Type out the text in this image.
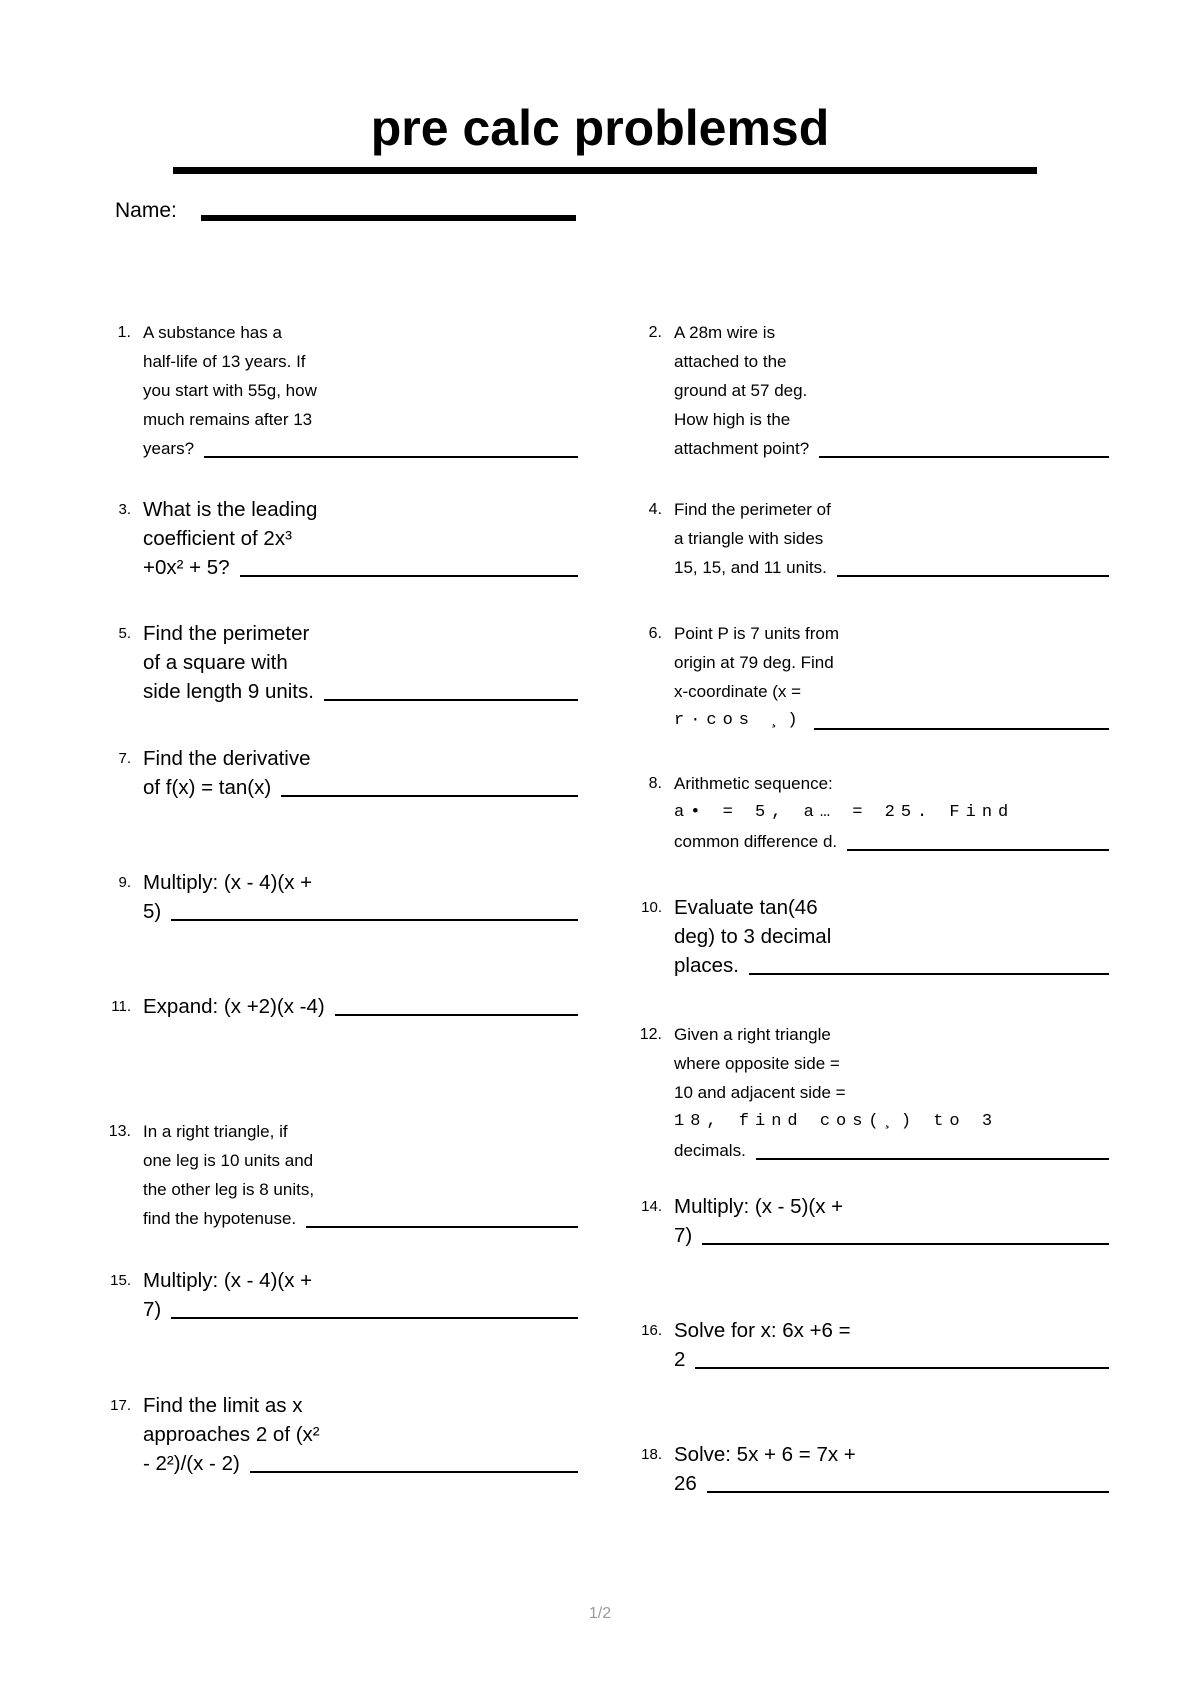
pre calc problemsd
Name:
1. A substance has a
half-life of 13 years. If
you start with 55g, how
much remains after 13
years?
2. A 28m wire is
attached to the
ground at 57 deg.
How high is the
attachment point?
3. What is the leading
coefficient of 2x³
+0x² + 5?
4. Find the perimeter of
a triangle with sides
15, 15, and 11 units.
5. Find the perimeter
of a square with
side length 9 units.
6. Point P is 7 units from
origin at 79 deg. Find
x-coordinate (x =
r·cos ¸)
7. Find the derivative
of f(x) = tan(x)	8. Arithmetic sequence:
a• = 5, a… = 25. Find
common difference d.
9. Multiply: (x - 4)(x +
5)	10. Evaluate tan(46
deg) to 3 decimal
places.
11. Expand: (x +2)(x -4)
12. Given a right triangle
where opposite side =
10 and adjacent side =
18, find cos(¸) to 3
decimals.
13. In a right triangle, if
one leg is 10 units and
the other leg is 8 units,
find the hypotenuse.
14. Multiply: (x - 5)(x +
7)
15. Multiply: (x - 4)(x +
7)
16. Solve for x: 6x +6 =
2
17. Find the limit as x
approaches 2 of (x²
- 2²)/(x - 2)	18. Solve: 5x + 6 = 7x +
26
1/2
